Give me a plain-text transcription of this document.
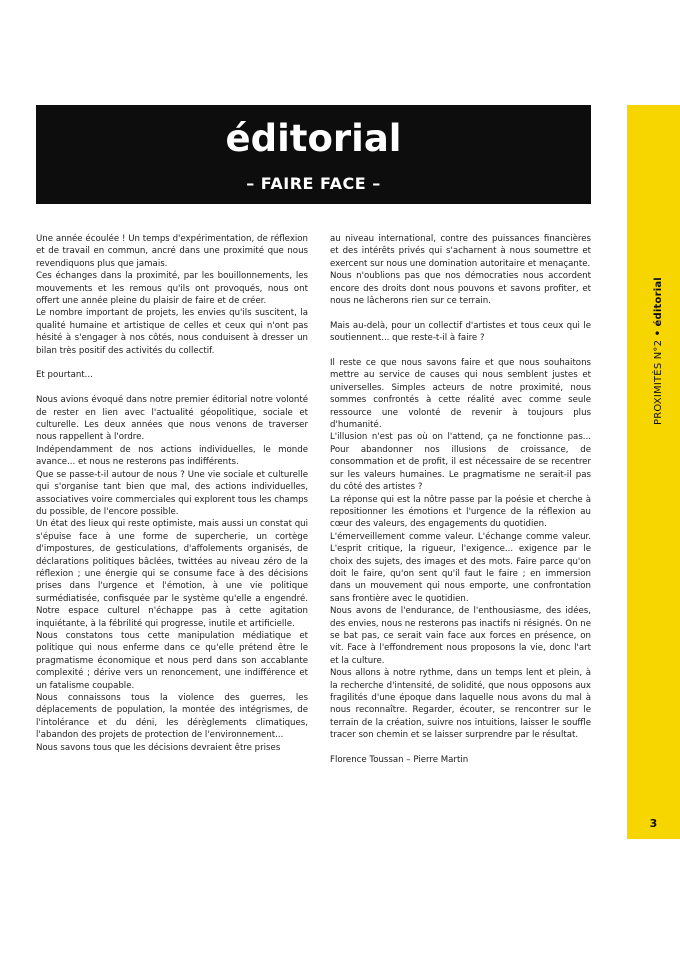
éditorial
– FAIRE FACE –

Une année écoulée ! Un temps d'expérimentation, de réflexion et de travail en commun, ancré dans une proximité que nous revendiquons plus que jamais.

Ces échanges dans la proximité, par les bouillonnements, les mouvements et les remous qu'ils ont provoqués, nous ont offert une année pleine du plaisir de faire et de créer.

Le nombre important de projets, les envies qu'ils suscitent, la qualité humaine et artistique de celles et ceux qui n'ont pas hésité à s'engager à nos côtés, nous conduisent à dresser un bilan très positif des activités du collectif.

Et pourtant...

Nous avions évoqué dans notre premier éditorial notre volonté de rester en lien avec l'actualité géopolitique, sociale et culturelle. Les deux années que nous venons de traverser nous rappellent à l'ordre.

Indépendamment de nos actions individuelles, le monde avance... et nous ne resterons pas indifférents.

Que se passe-t-il autour de nous ? Une vie sociale et culturelle qui s'organise tant bien que mal, des actions individuelles, associatives voire commerciales qui explorent tous les champs du possible, de l'encore possible.

Un état des lieux qui reste optimiste, mais aussi un constat qui s'épuise face à une forme de supercherie, un cortège d'impostures, de gesticulations, d'affolements organisés, de déclarations politiques bâclées, twittées au niveau zéro de la réflexion ; une énergie qui se consume face à des décisions prises dans l'urgence et l'émotion, à une vie politique surmédiatisée, confisquée par le système qu'elle a engendré. Notre espace culturel n'échappe pas à cette agitation inquiétante, à la fébrilité qui progresse, inutile et artificielle.

Nous constatons tous cette manipulation médiatique et politique qui nous enferme dans ce qu'elle prétend être le pragmatisme économique et nous perd dans son accablante complexité ; dérive vers un renoncement, une indifférence et un fatalisme coupable.

Nous connaissons tous la violence des guerres, les déplacements de population, la montée des intégrismes, de l'intolérance et du déni, les dérèglements climatiques, l'abandon des projets de protection de l'environnement...

Nous savons tous que les décisions devraient être prises

au niveau international, contre des puissances financières et des intérêts privés qui s'acharnent à nous soumettre et exercent sur nous une domination autoritaire et menaçante.

Nous n'oublions pas que nos démocraties nous accordent encore des droits dont nous pouvons et savons profiter, et nous ne lâcherons rien sur ce terrain.

Mais au-delà, pour un collectif d'artistes et tous ceux qui le soutiennent... que reste-t-il à faire ?

Il reste ce que nous savons faire et que nous souhaitons mettre au service de causes qui nous semblent justes et universelles. Simples acteurs de notre proximité, nous sommes confrontés à cette réalité avec comme seule ressource une volonté de revenir à toujours plus d'humanité.

L'illusion n'est pas où on l'attend, ça ne fonctionne pas... Pour abandonner nos illusions de croissance, de consommation et de profit, il est nécessaire de se recentrer sur les valeurs humaines. Le pragmatisme ne serait-il pas du côté des artistes ?

La réponse qui est la nôtre passe par la poésie et cherche à repositionner les émotions et l'urgence de la réflexion au cœur des valeurs, des engagements du quotidien.

L'émerveillement comme valeur. L'échange comme valeur. L'esprit critique, la rigueur, l'exigence... exigence par le choix des sujets, des images et des mots. Faire parce qu'on doit le faire, qu'on sent qu'il faut le faire ; en immersion dans un mouvement qui nous emporte, une confrontation sans frontière avec le quotidien.

Nous avons de l'endurance, de l'enthousiasme, des idées, des envies, nous ne resterons pas inactifs ni résignés. On ne se bat pas, ce serait vain face aux forces en présence, on vit. Face à l'effondrement nous proposons la vie, donc l'art et la culture.

Nous allons à notre rythme, dans un temps lent et plein, à la recherche d'intensité, de solidité, que nous opposons aux fragilités d'une époque dans laquelle nous avons du mal à nous reconnaître. Regarder, écouter, se rencontrer sur le terrain de la création, suivre nos intuitions, laisser le souffle tracer son chemin et se laisser surprendre par le résultat.

Florence Toussan – Pierre Martin

PROXIMITÉS N°2 • éditorial
3
